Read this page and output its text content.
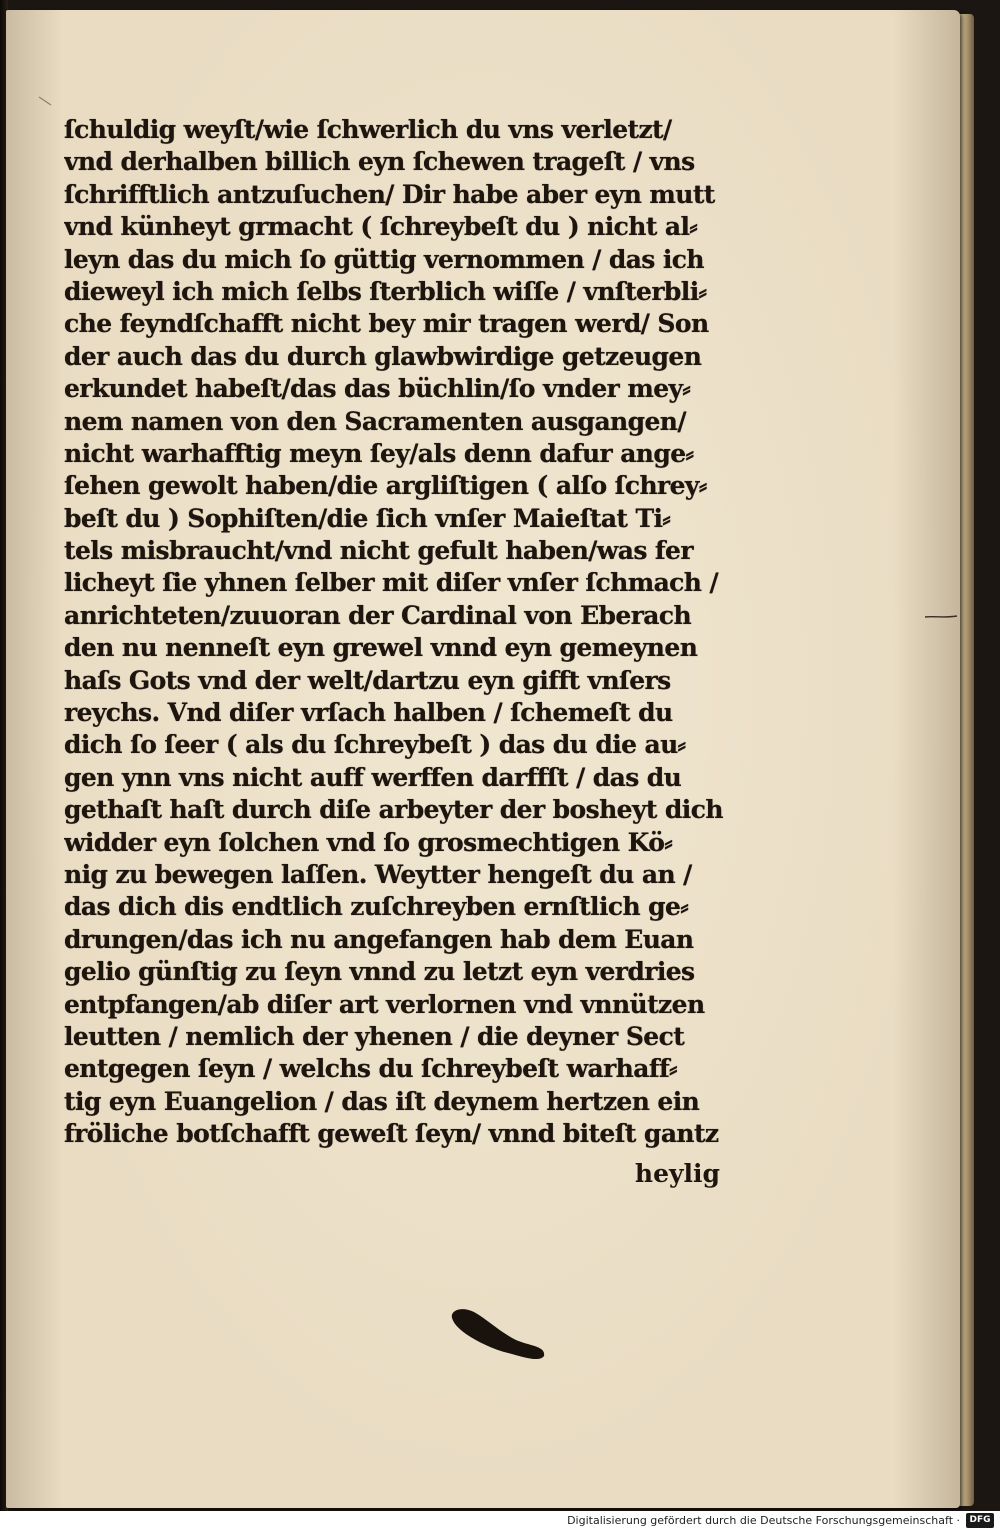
ſchuldig weyſt/wie ſchwerlich du vns verletzt/
vnd derhalben billich eyn ſchewen trageſt / vns
ſchrifftlich antzuſuchen/ Dir habe aber eyn mutt
vnd künheyt grmacht ( ſchreybeſt du ) nicht al⸗
leyn das du mich ſo güttig vernommen / das ich
dieweyl ich mich ſelbs ſterblich wiſſe / vnſterbli⸗
che feyndſchafft nicht bey mir tragen werd/ Son
der auch das du durch glawbwirdige getzeugen
erkundet habeſt/das das büchlin/ſo vnder mey⸗
nem namen von den Sacramenten ausgangen/
nicht warhafftig meyn ſey/als denn dafur ange⸗
ſehen gewolt haben/die argliſtigen ( alſo ſchrey⸗
beſt du ) Sophiſten/die ſich vnſer Maieſtat Ti⸗
tels misbraucht/vnd nicht gefult haben/was fer
licheyt ſie yhnen ſelber mit diſer vnſer ſchmach /
anrichteten/zuuoran der Cardinal von Eberach
den nu nenneſt eyn grewel vnnd eyn gemeynen
haſs Gots vnd der welt/dartzu eyn gifft vnſers
reychs. Vnd diſer vrſach halben / ſchemeſt du
dich ſo ſeer ( als du ſchreybeſt ) das du die au⸗
gen ynn vns nicht auff werffen darffſt / das du
gethaſt haſt durch diſe arbeyter der bosheyt dich
widder eyn ſolchen vnd ſo grosmechtigen Kö⸗
nig zu bewegen laſſen. Weytter hengeſt du an /
das dich dis endtlich zuſchreyben ernſtlich ge⸗
drungen/das ich nu angefangen hab dem Euan
gelio günſtig zu ſeyn vnnd zu letzt eyn verdries
entpfangen/ab diſer art verlornen vnd vnnützen
leutten / nemlich der yhenen / die deyner Sect
entgegen ſeyn / welchs du ſchreybeſt warhaff⸗
tig eyn Euangelion / das iſt deynem hertzen ein
fröliche botſchafft geweſt ſeyn/ vnnd biteſt gantz
heylig
Digitalisierung gefördert durch die Deutsche Forschungsgemeinschaft ·	DFG
